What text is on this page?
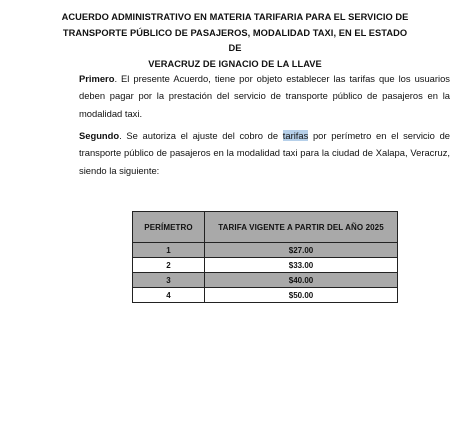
ACUERDO ADMINISTRATIVO EN MATERIA TARIFARIA PARA EL SERVICIO DE
TRANSPORTE PÚBLICO DE PASAJEROS, MODALIDAD TAXI, EN EL ESTADO DE
VERACRUZ DE IGNACIO DE LA LLAVE
Primero. El presente Acuerdo, tiene por objeto establecer las tarifas que los usuarios deben pagar por la prestación del servicio de transporte público de pasajeros en la modalidad taxi.
Segundo. Se autoriza el ajuste del cobro de tarifas por perímetro en el servicio de transporte público de pasajeros en la modalidad taxi para la ciudad de Xalapa, Veracruz, siendo la siguiente:
PERÍMETRO	TARIFA VIGENTE A PARTIR DEL AÑO 2025
1	$27.00
2	$33.00
3	$40.00
4	$50.00
